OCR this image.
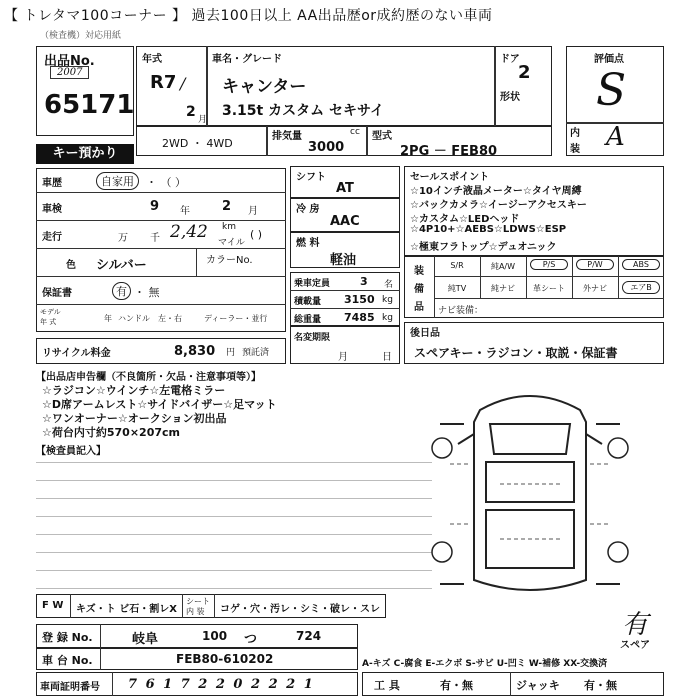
【 トレタマ100コーナー 】 過去100日以上 AA出品歴or成約歴のない車両
（検査機）対応用紙
出品No.
2007
65171
年式
R7 /
2 月
車名・グレード
キャンター
3.15t カスタム セキサイ
ドア
2
形状
評価点
S
内
装 A
2WD ・ 4WD
排気量	cc
3000
型式
2PG － FEB80
キー預かり
車歴	自家用	・ （ ）
車検	9 年 2 月
走行	万 千 2,42 km
マイル
( )
色 シルバー	カラーNo.
保証書	有 ・ 無
モデル
年 式	年 ハンドル　左・右	ディーラー・並行
リサイクル料金	8,830 円 預託済
シフト
AT
冷 房
AAC
燃 料
軽油
乗車定員	3 名
積載量 3150 kg
総重量 7485 kg
名変期限
月	日
セールスポイント
☆10インチ液晶メーター☆タイヤ周縛
☆バックカメラ☆イージーアクセスキー
☆カスタム☆LEDヘッド
☆4P10+☆AEBS☆LDWS☆ESP
☆極東フラトップ☆デュオニック
装
備
品
S/R	純A/W	P/S	P/W	ABS
純TV	純ナビ	革シート	外ナビ	エアB
ナビ装備：
後日品
スペアキー・ラジコン・取説・保証書
【出品店申告欄（不良箇所・欠品・注意事項等）】
☆ラジコン☆ウインチ☆左電格ミラー
☆D席アームレスト☆サイドバイザー☆足マット
☆ワンオーナー☆オークション初出品
☆荷台内寸約570×207cm
【検査員記入】
F W キズ・ト ビ石・割レX
シート
内 装 コゲ・穴・汚レ・シミ・破レ・スレ
登 録 No.	岐阜	100 つ	724
車 台 No.	FEB80-610202
車両証明番号 7 6 1 7 2 2 0 2 2 2 1
A-キズ C-腐食 E-エクボ S-サビ U-凹ミ W-補修 XX-交換済
工 具	有・無	ジャッキ 有・無
有
スペア
